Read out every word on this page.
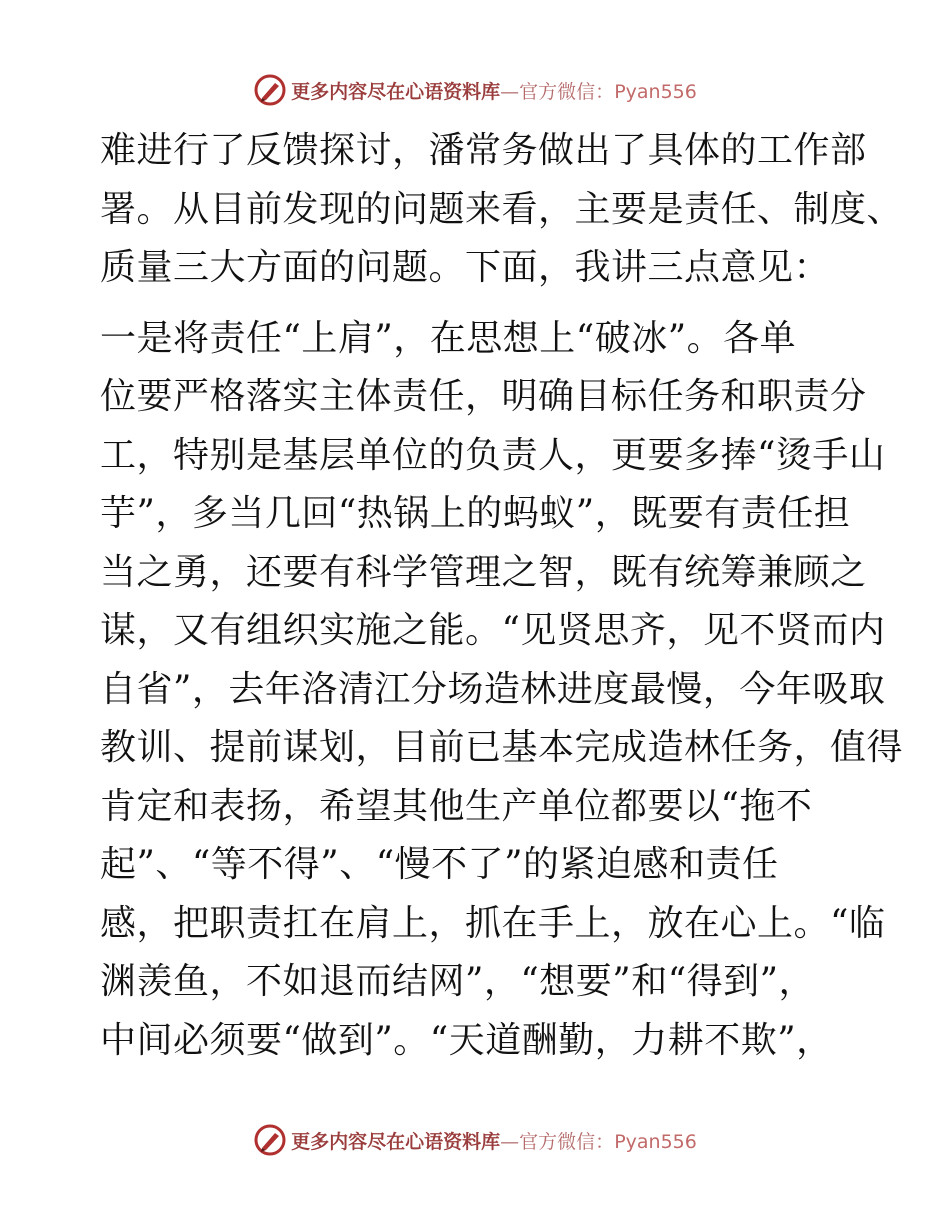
更多内容尽在心语资料库—官方微信：Pyan556
难进行了反馈探讨，潘常务做出了具体的工作部
署。从目前发现的问题来看，主要是责任、制度、
质量三大方面的问题。下面，我讲三点意见：
一是将责任“上肩”，在思想上“破冰”。各单
位要严格落实主体责任，明确目标任务和职责分
工，特别是基层单位的负责人，更要多捧“烫手山
芋”，多当几回“热锅上的蚂蚁”，既要有责任担
当之勇，还要有科学管理之智，既有统筹兼顾之
谋，又有组织实施之能。“见贤思齐，见不贤而内
自省”，去年洛清江分场造林进度最慢，今年吸取
教训、提前谋划，目前已基本完成造林任务，值得
肯定和表扬，希望其他生产单位都要以“拖不
起”、“等不得”、“慢不了”的紧迫感和责任
感，把职责扛在肩上，抓在手上，放在心上。“临
渊羡鱼，不如退而结网”，“想要”和“得到”，
中间必须要“做到”。“天道酬勤，力耕不欺”，
更多内容尽在心语资料库—官方微信：Pyan556
